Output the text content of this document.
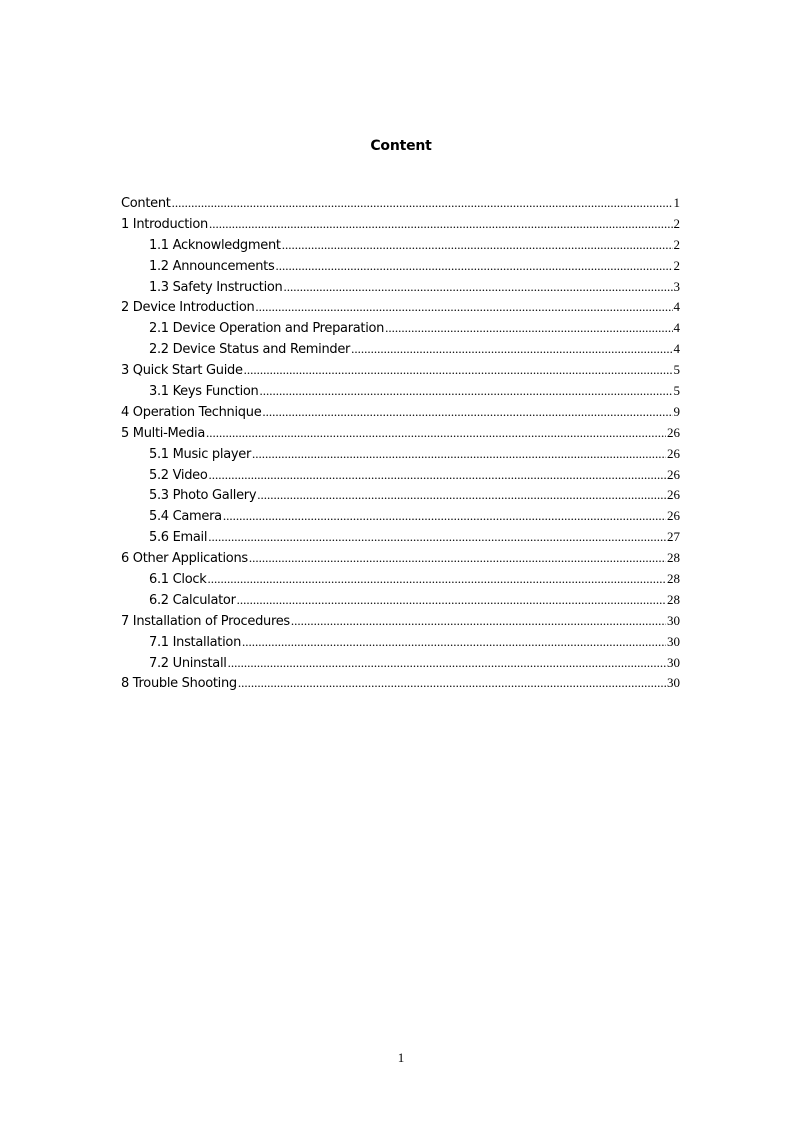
Content
Content .....	1
1 Introduction .....	2
1.1 Acknowledgment .....	2
1.2 Announcements .....	2
1.3 Safety Instruction .....	3
2 Device Introduction .....	4
2.1 Device Operation and Preparation .....	4
2.2 Device Status and Reminder .....	4
3 Quick Start Guide .....	5
3.1 Keys Function .....	5
4 Operation Technique .....	9
5 Multi-Media .....	26
5.1 Music player .....	26
5.2 Video .....	26
5.3 Photo Gallery .....	26
5.4 Camera .....	26
5.6 Email .....	27
6 Other Applications .....	28
6.1 Clock .....	28
6.2 Calculator .....	28
7 Installation of Procedures .....	30
7.1 Installation .....	30
7.2 Uninstall .....	30
8 Trouble Shooting .....	30
1
